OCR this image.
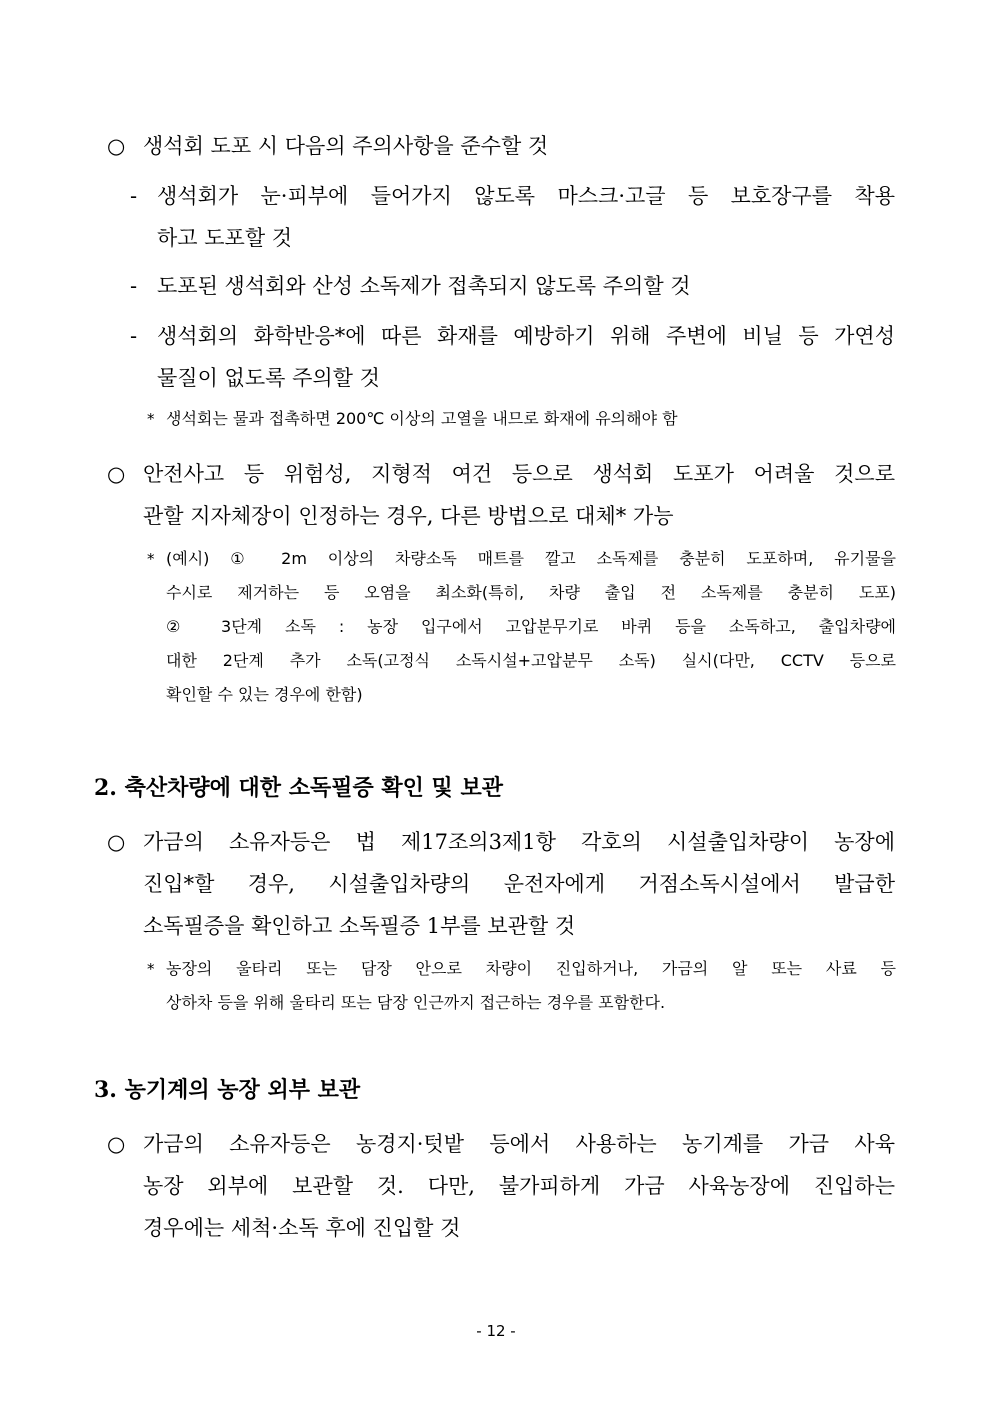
○ 생석회 도포 시 다음의 주의사항을 준수할 것
- 생석회가 눈·피부에 들어가지 않도록 마스크·고글 등 보호장구를 착용
하고 도포할 것
- 도포된 생석회와 산성 소독제가 접촉되지 않도록 주의할 것
- 생석회의 화학반응*에 따른 화재를 예방하기 위해 주변에 비닐 등 가연성
물질이 없도록 주의할 것
* 생석회는 물과 접촉하면 200℃ 이상의 고열을 내므로 화재에 유의해야 함
○ 안전사고 등 위험성, 지형적 여건 등으로 생석회 도포가 어려울 것으로
관할 지자체장이 인정하는 경우, 다른 방법으로 대체* 가능
* (예시) ① 2m 이상의 차량소독 매트를 깔고 소독제를 충분히 도포하며, 유기물을
수시로 제거하는 등 오염을 최소화(특히, 차량 출입 전 소독제를 충분히 도포)
② 3단계 소독 : 농장 입구에서 고압분무기로 바퀴 등을 소독하고, 출입차량에
대한 2단계 추가 소독(고정식 소독시설+고압분무 소독) 실시(다만, CCTV 등으로
확인할 수 있는 경우에 한함)
2. 축산차량에 대한 소독필증 확인 및 보관
○ 가금의 소유자등은 법 제17조의3제1항 각호의 시설출입차량이 농장에
진입*할 경우, 시설출입차량의 운전자에게 거점소독시설에서 발급한
소독필증을 확인하고 소독필증 1부를 보관할 것
* 농장의 울타리 또는 담장 안으로 차량이 진입하거나, 가금의 알 또는 사료 등
상하차 등을 위해 울타리 또는 담장 인근까지 접근하는 경우를 포함한다.
3. 농기계의 농장 외부 보관
○ 가금의 소유자등은 농경지·텃밭 등에서 사용하는 농기계를 가금 사육
농장 외부에 보관할 것. 다만, 불가피하게 가금 사육농장에 진입하는
경우에는 세척·소독 후에 진입할 것
- 12 -
